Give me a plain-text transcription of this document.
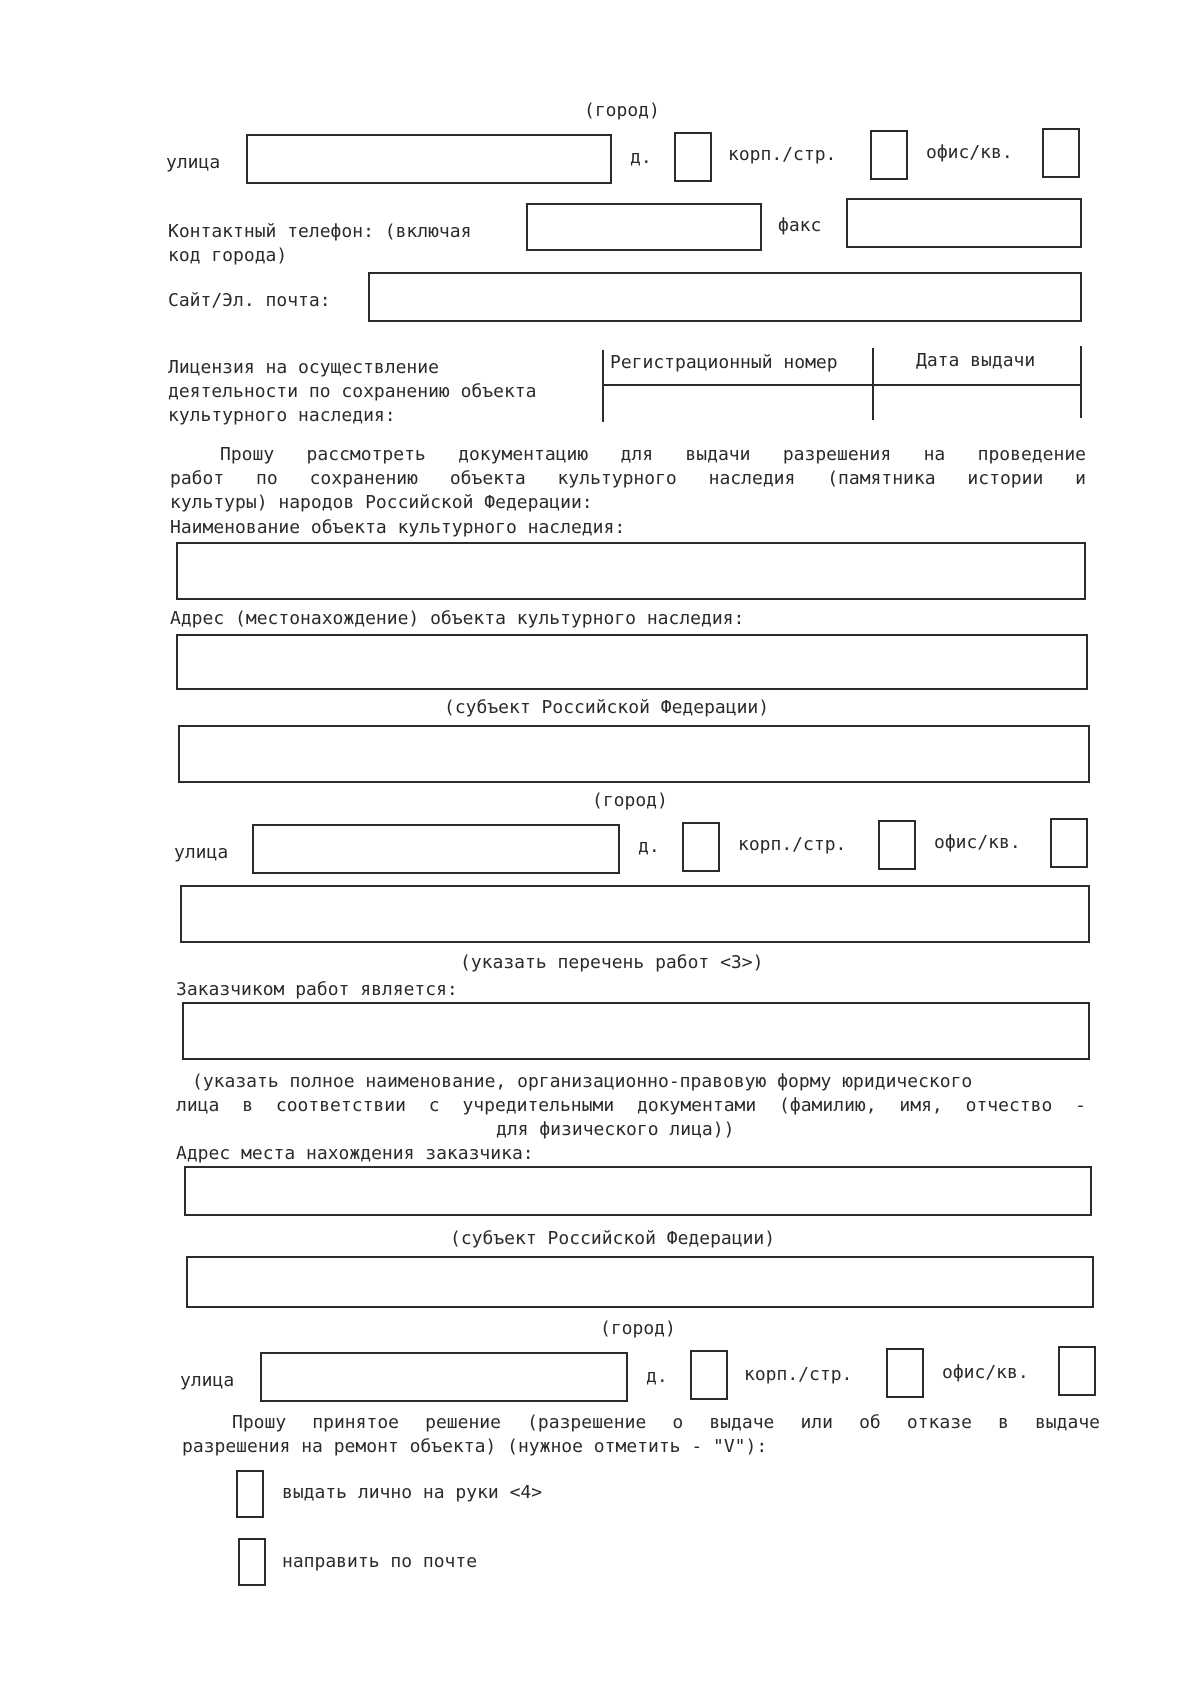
(город)
улица	д.	корп./стр.	офис/кв.
Контактный телефон: (включая
код города)
факс
Сайт/Эл. почта:
Лицензия на осуществление
деятельности по сохранению объекта
культурного наследия:
Регистрационный номер	Дата выдачи
Прошу рассмотреть документацию для выдачи разрешения на проведение
работ по сохранению объекта культурного наследия (памятника истории и
культуры) народов Российской Федерации:
Наименование объекта культурного наследия:
Адрес (местонахождение) объекта культурного наследия:
(субъект Российской Федерации)
(город)
улица	д.	корп./стр.	офис/кв.
(указать перечень работ <3>)
Заказчиком работ является:
(указать полное наименование, организационно-правовую форму юридического
лица в соответствии с учредительными документами (фамилию, имя, отчество -
для физического лица))
Адрес места нахождения заказчика:
(субъект Российской Федерации)
(город)
улица	д.	корп./стр.	офис/кв.
Прошу принятое решение (разрешение о выдаче или об отказе в выдаче
разрешения на ремонт объекта) (нужное отметить - "V"):
выдать лично на руки <4>
направить по почте
